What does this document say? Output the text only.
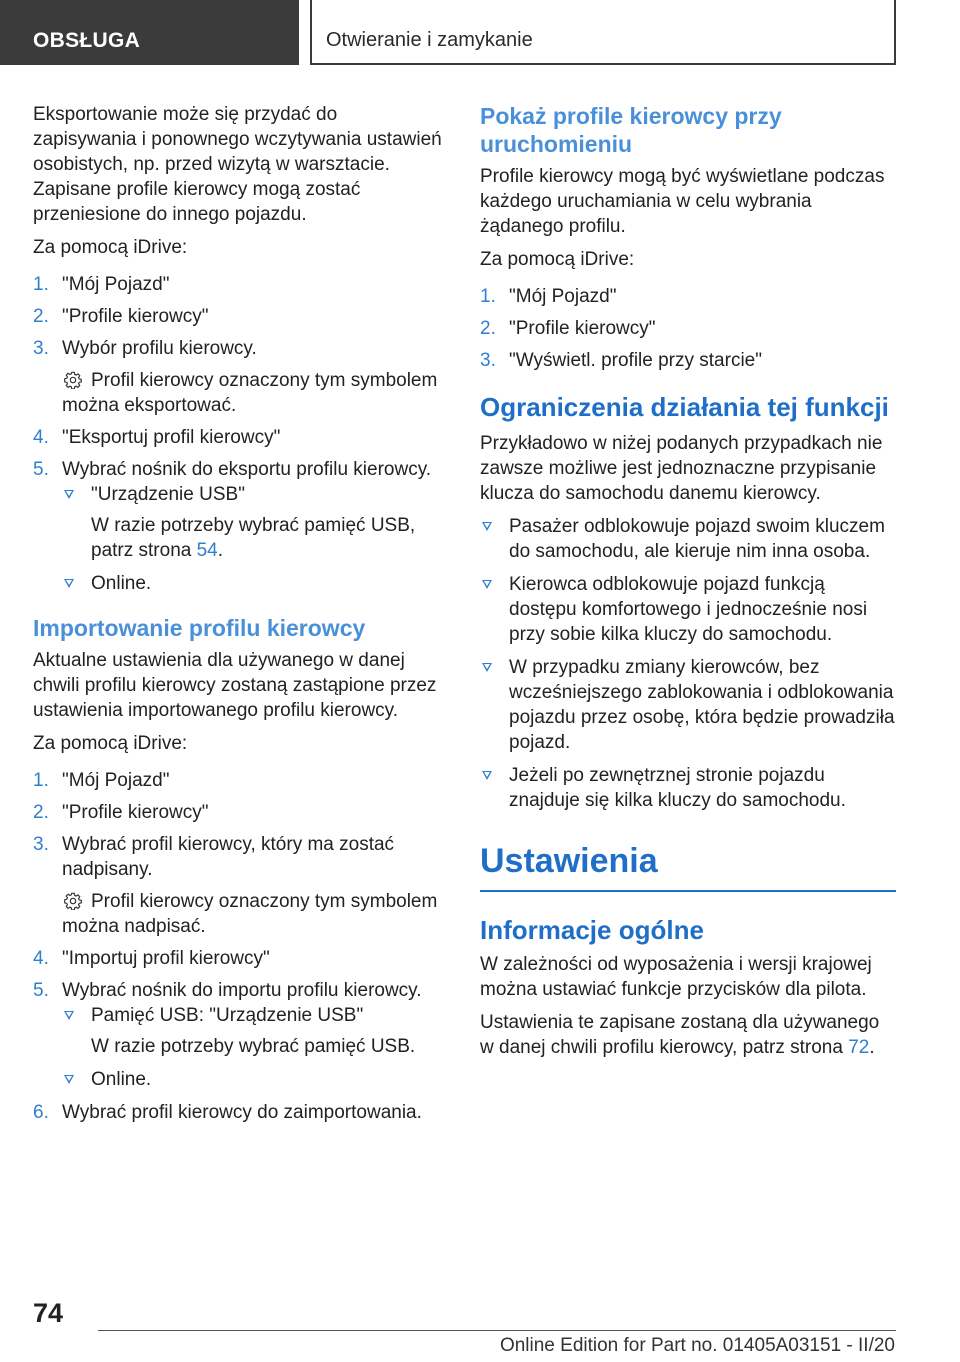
OBSŁUGA	Otwieranie i zamykanie

Eksportowanie może się przydać do zapisywania i ponownego wczytywania ustawień osobistych, np. przed wizytą w warsztacie. Zapisane profile kierowcy mogą zostać przeniesione do innego pojazdu.

Za pomocą iDrive:

1. "Mój Pojazd"
2. "Profile kierowcy"
3. Wybór profilu kierowcy.
Profil kierowcy oznaczony tym symbolem można eksportować.
4. "Eksportuj profil kierowcy"
5. Wybrać nośnik do eksportu profilu kierowcy.
"Urządzenie USB"
W razie potrzeby wybrać pamięć USB, patrz strona 54.
Online.
Importowanie profilu kierowcy

Aktualne ustawienia dla używanego w danej chwili profilu kierowcy zostaną zastąpione przez ustawienia importowanego profilu kierowcy.

Za pomocą iDrive:

1. "Mój Pojazd"
2. "Profile kierowcy"
3. Wybrać profil kierowcy, który ma zostać nadpisany.
Profil kierowcy oznaczony tym symbolem można nadpisać.
4. "Importuj profil kierowcy"
5. Wybrać nośnik do importu profilu kierowcy.
Pamięć USB: "Urządzenie USB"
W razie potrzeby wybrać pamięć USB.
Online.
6. Wybrać profil kierowcy do zaimportowania.
Pokaż profile kierowcy przy uruchomieniu

Profile kierowcy mogą być wyświetlane podczas każdego uruchamiania w celu wybrania żądanego profilu.

Za pomocą iDrive:

1. "Mój Pojazd"
2. "Profile kierowcy"
3. "Wyświetl. profile przy starcie"
Ograniczenia działania tej funkcji

Przykładowo w niżej podanych przypadkach nie zawsze możliwe jest jednoznaczne przypisanie klucza do samochodu danemu kierowcy.

Pasażer odblokowuje pojazd swoim kluczem do samochodu, ale kieruje nim inna osoba.
Kierowca odblokowuje pojazd funkcją dostępu komfortowego i jednocześnie nosi przy sobie kilka kluczy do samochodu.
W przypadku zmiany kierowców, bez wcześniejszego zablokowania i odblokowania pojazdu przez osobę, która będzie prowadziła pojazd.
Jeżeli po zewnętrznej stronie pojazdu znajduje się kilka kluczy do samochodu.
Ustawienia
Informacje ogólne

W zależności od wyposażenia i wersji krajowej można ustawiać funkcje przycisków dla pilota.

Ustawienia te zapisane zostaną dla używanego w danej chwili profilu kierowcy, patrz strona 72.

74
Online Edition for Part no. 01405A03151 - II/20
